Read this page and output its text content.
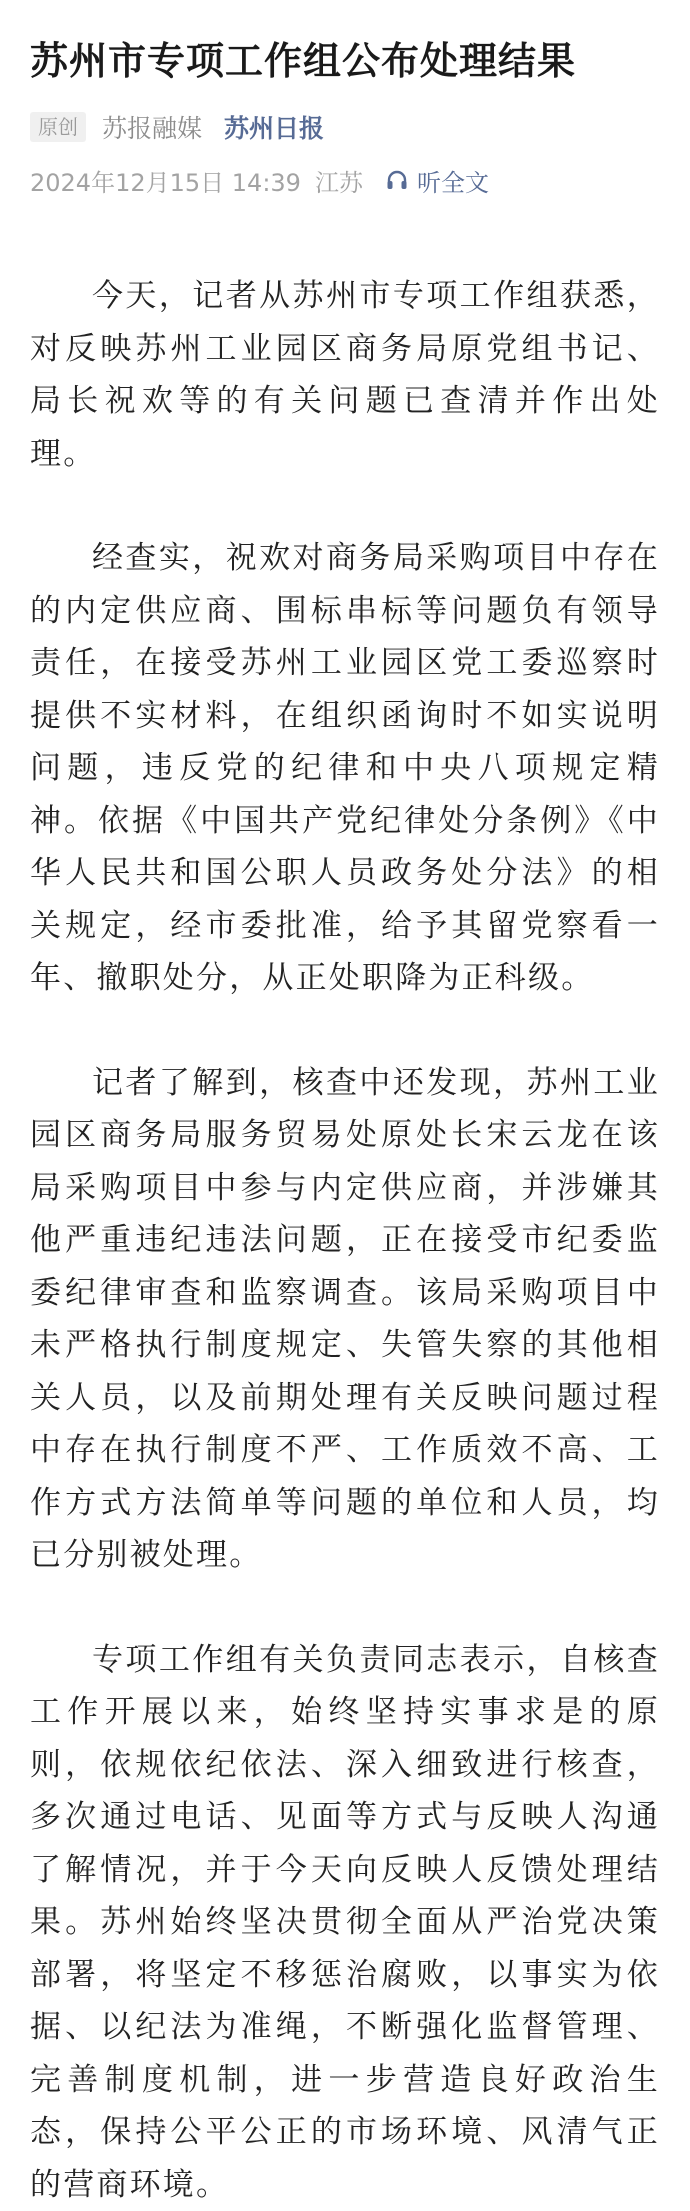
苏州市专项工作组公布处理结果
原创 苏报融媒 苏州日报
2024年12月15日 14:39 江苏 听全文

今天，记者从苏州市专项工作组获悉，对反映苏州工业园区商务局原党组书记、局长祝欢等的有关问题已查清并作出处理。

经查实，祝欢对商务局采购项目中存在的内定供应商、围标串标等问题负有领导责任，在接受苏州工业园区党工委巡察时提供不实材料，在组织函询时不如实说明问题，违反党的纪律和中央八项规定精神。依据《中国共产党纪律处分条例》《中华人民共和国公职人员政务处分法》的相关规定，经市委批准，给予其留党察看一年、撤职处分，从正处职降为正科级。

记者了解到，核查中还发现，苏州工业园区商务局服务贸易处原处长宋云龙在该局采购项目中参与内定供应商，并涉嫌其他严重违纪违法问题，正在接受市纪委监委纪律审查和监察调查。该局采购项目中未严格执行制度规定、失管失察的其他相关人员，以及前期处理有关反映问题过程中存在执行制度不严、工作质效不高、工作方式方法简单等问题的单位和人员，均已分别被处理。

专项工作组有关负责同志表示，自核查工作开展以来，始终坚持实事求是的原则，依规依纪依法、深入细致进行核查，多次通过电话、见面等方式与反映人沟通了解情况，并于今天向反映人反馈处理结果。苏州始终坚决贯彻全面从严治党决策部署，将坚定不移惩治腐败，以事实为依据、以纪法为准绳，不断强化监督管理、完善制度机制，进一步营造良好政治生态，保持公平公正的市场环境、风清气正的营商环境。
